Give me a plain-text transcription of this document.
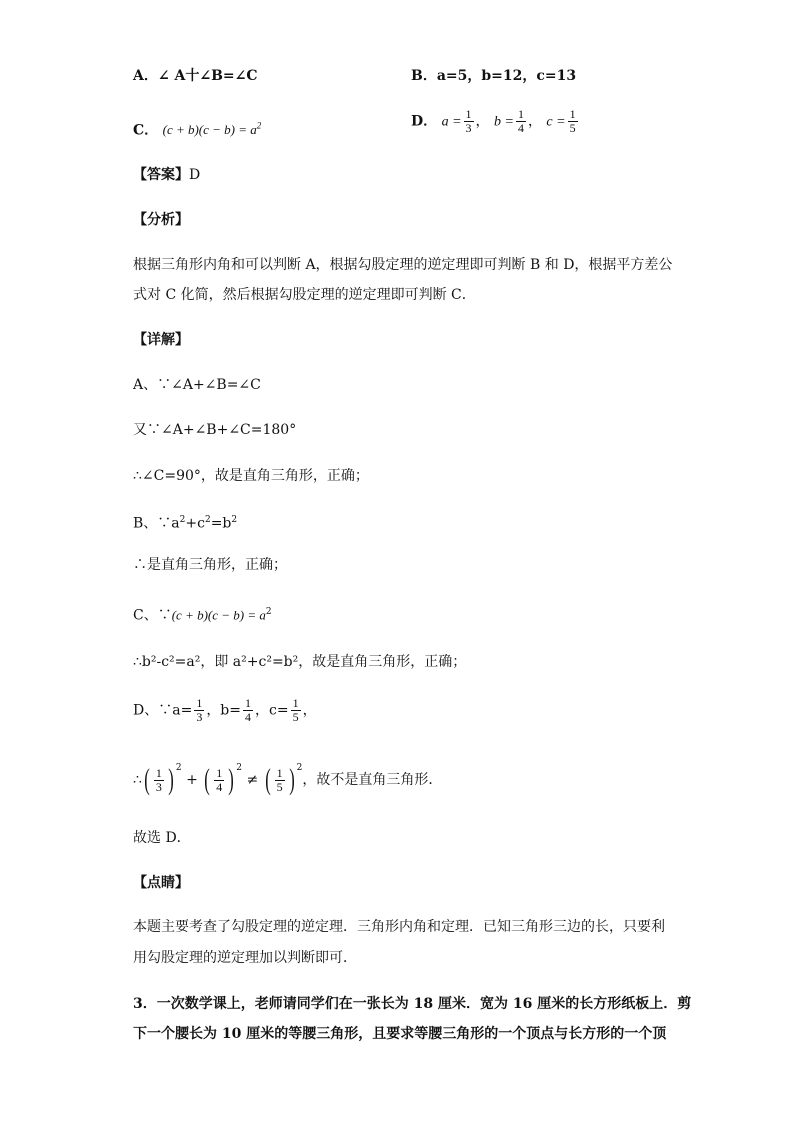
A．∠ A十∠B=∠C	B．a=5，b=12，c=13
C． $(c + b)(c - b) = a^2$	D． $a = \frac{1}{3}$ ， $b = \frac{1}{4}$ ， $c = \frac{1}{5}$
【答案】D
【分析】
根据三角形内角和可以判断 A，根据勾股定理的逆定理即可判断 B 和 D，根据平方差公
式对 C 化简，然后根据勾股定理的逆定理即可判断 C．
【详解】
A、∵∠A+∠B=∠C
又∵∠A+∠B+∠C=180°
∴∠C=90°，故是直角三角形，正确；
B、$\because a^2+c^2=b^2$
∴是直角三角形，正确；
C、∵(c + $b)(c - b) = a^2$
∴b²-c²=a²，即 a²+c²=b²，故是直角三角形，正确；
D、∵a= $\frac{1}{3}$ ，$b= \frac{1}{4}$ ，$c= \frac{1}{5}$ ，
∴( $\frac{1}{3}$ ) $^2$ + ( $\frac{1}{4}$ ) $^2$ ≠ ( $\frac{1}{5}$ ) $^2$，故不是直角三角形．
故选 D．
【点睛】
本题主要考查了勾股定理的逆定理．三角形内角和定理．已知三角形三边的长，只要利
用勾股定理的逆定理加以判断即可．
3．一次数学课上，老师请同学们在一张长为 18 厘米．宽为 16 厘米的长方形纸板上．剪
下一个腰长为 10 厘米的等腰三角形，且要求等腰三角形的一个顶点与长方形的一个顶
